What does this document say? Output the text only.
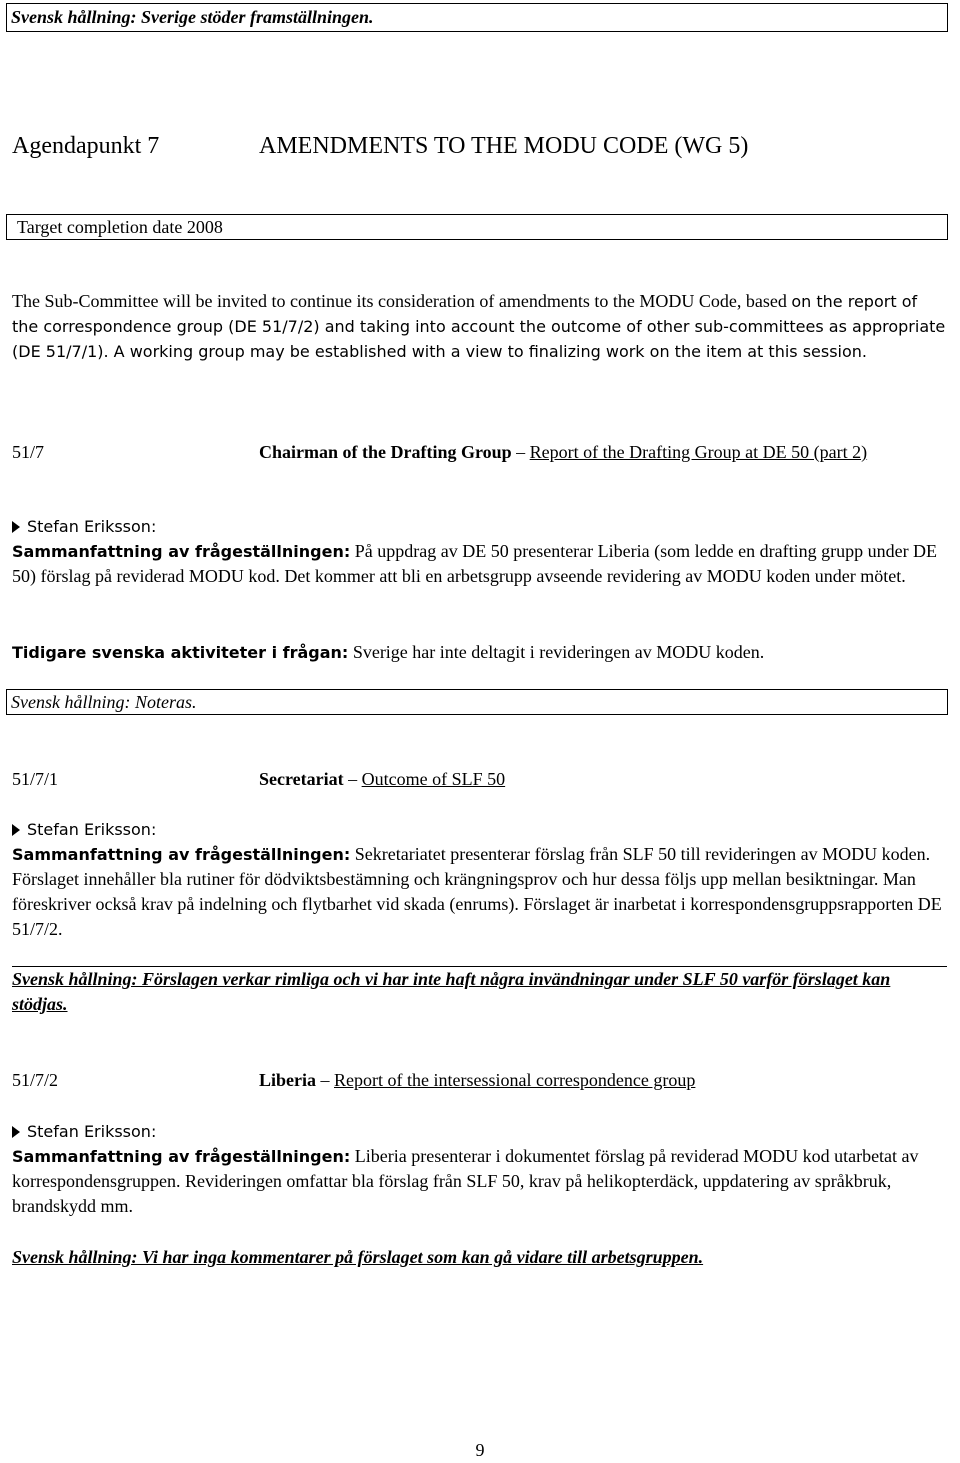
Svensk hållning: Sverige stöder framställningen.
Agendapunkt 7	AMENDMENTS TO THE MODU CODE (WG 5)
Target completion date 2008
The Sub-Committee will be invited to continue its consideration of amendments to the MODU Code, based on the report of the correspondence group (DE 51/7/2) and taking into account the outcome of other sub-committees as appropriate (DE 51/7/1). A working group may be established with a view to finalizing work on the item at this session.
51/7	Chairman of the Drafting Group – Report of the Drafting Group at DE 50 (part 2)
Stefan Eriksson:
Sammanfattning av frågeställningen: På uppdrag av DE 50 presenterar Liberia (som ledde en drafting grupp under DE 50) förslag på reviderad MODU kod. Det kommer att bli en arbetsgrupp avseende revidering av MODU koden under mötet.
Tidigare svenska aktiviteter i frågan: Sverige har inte deltagit i revideringen av MODU koden.
Svensk hållning: Noteras.
51/7/1	Secretariat – Outcome of SLF 50
Stefan Eriksson:
Sammanfattning av frågeställningen: Sekretariatet presenterar förslag från SLF 50 till revideringen av MODU koden. Förslaget innehåller bla rutiner för dödviktsbestämning och krängningsprov och hur dessa följs upp mellan besiktningar. Man föreskriver också krav på indelning och flytbarhet vid skada (enrums). Förslaget är inarbetat i korrespondensgruppsrapporten DE 51/7/2.
Svensk hållning: Förslagen verkar rimliga och vi har inte haft några invändningar under SLF 50 varför förslaget kan stödjas.
51/7/2	Liberia – Report of the intersessional correspondence group
Stefan Eriksson:
Sammanfattning av frågeställningen: Liberia presenterar i dokumentet förslag på reviderad MODU kod utarbetat av korrespondensgruppen. Revideringen omfattar bla förslag från SLF 50, krav på helikopterdäck, uppdatering av språkbruk, brandskydd mm.
Svensk hållning: Vi har inga kommentarer på förslaget som kan gå vidare till arbetsgruppen.
9
